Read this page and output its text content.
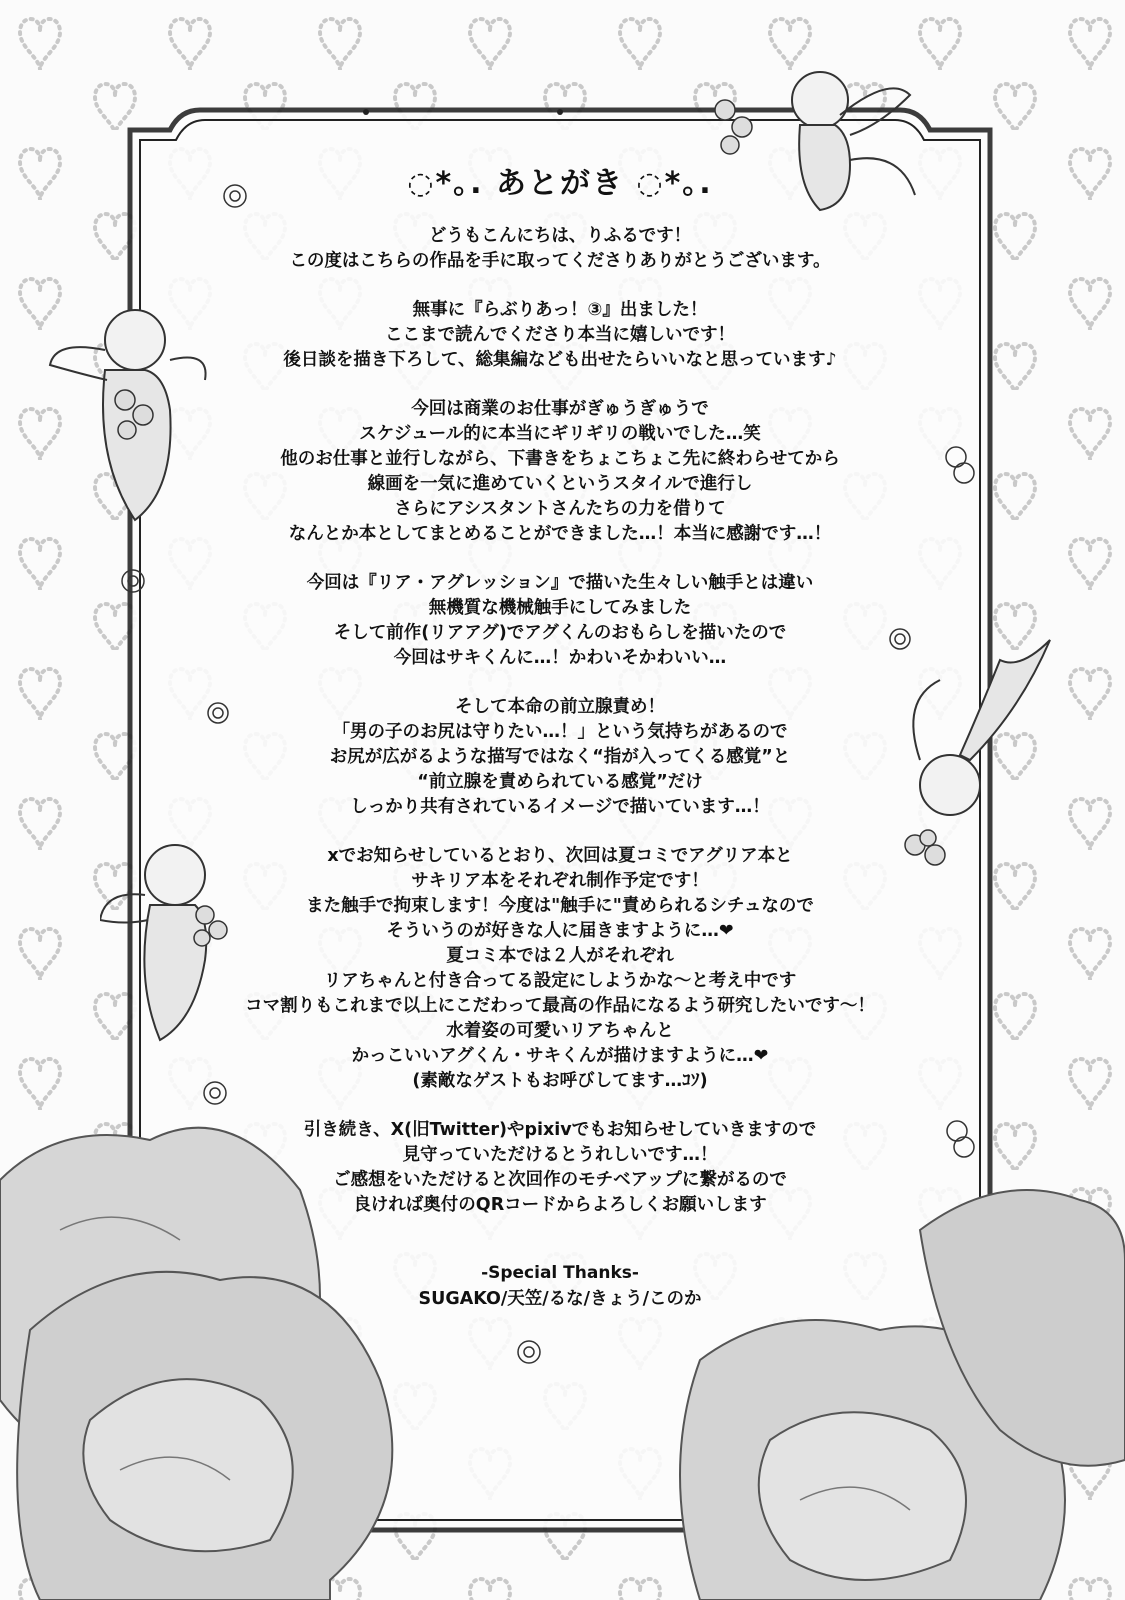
◌*｡. あとがき ◌*｡.
どうもこんにちは、りふるです！
この度はこちらの作品を手に取ってくださりありがとうございます。
無事に『らぶりあっ！③』出ました！
ここまで読んでくださり本当に嬉しいです！
後日談を描き下ろして、総集編なども出せたらいいなと思っています♪
今回は商業のお仕事がぎゅうぎゅうで
スケジュール的に本当にギリギリの戦いでした…笑
他のお仕事と並行しながら、下書きをちょこちょこ先に終わらせてから
線画を一気に進めていくというスタイルで進行し
さらにアシスタントさんたちの力を借りて
なんとか本としてまとめることができました…！本当に感謝です…！
今回は『リア・アグレッション』で描いた生々しい触手とは違い
無機質な機械触手にしてみました
そして前作(リアアグ)でアグくんのおもらしを描いたので
今回はサキくんに…！かわいそかわいい…
そして本命の前立腺責め！
「男の子のお尻は守りたい…！」という気持ちがあるので
お尻が広がるような描写ではなく“指が入ってくる感覚”と
“前立腺を責められている感覚”だけ
しっかり共有されているイメージで描いています…！
xでお知らせしているとおり、次回は夏コミでアグリア本と
サキリア本をそれぞれ制作予定です！
また触手で拘束します！今度は"触手に"責められるシチュなので
そういうのが好きな人に届きますように…❤
夏コミ本では２人がそれぞれ
リアちゃんと付き合ってる設定にしようかな〜と考え中です
コマ割りもこれまで以上にこだわって最高の作品になるよう研究したいです〜！
水着姿の可愛いリアちゃんと
かっこいいアグくん・サキくんが描けますように…❤
(素敵なゲストもお呼びしてます…ｺｿ)
引き続き、X(旧Twitter)やpixivでもお知らせしていきますので
見守っていただけるとうれしいです…！
ご感想をいただけると次回作のモチベアップに繋がるので
良ければ奥付のQRコードからよろしくお願いします
-Special Thanks-
SUGAKO/天笠/るな/きょう/このか
